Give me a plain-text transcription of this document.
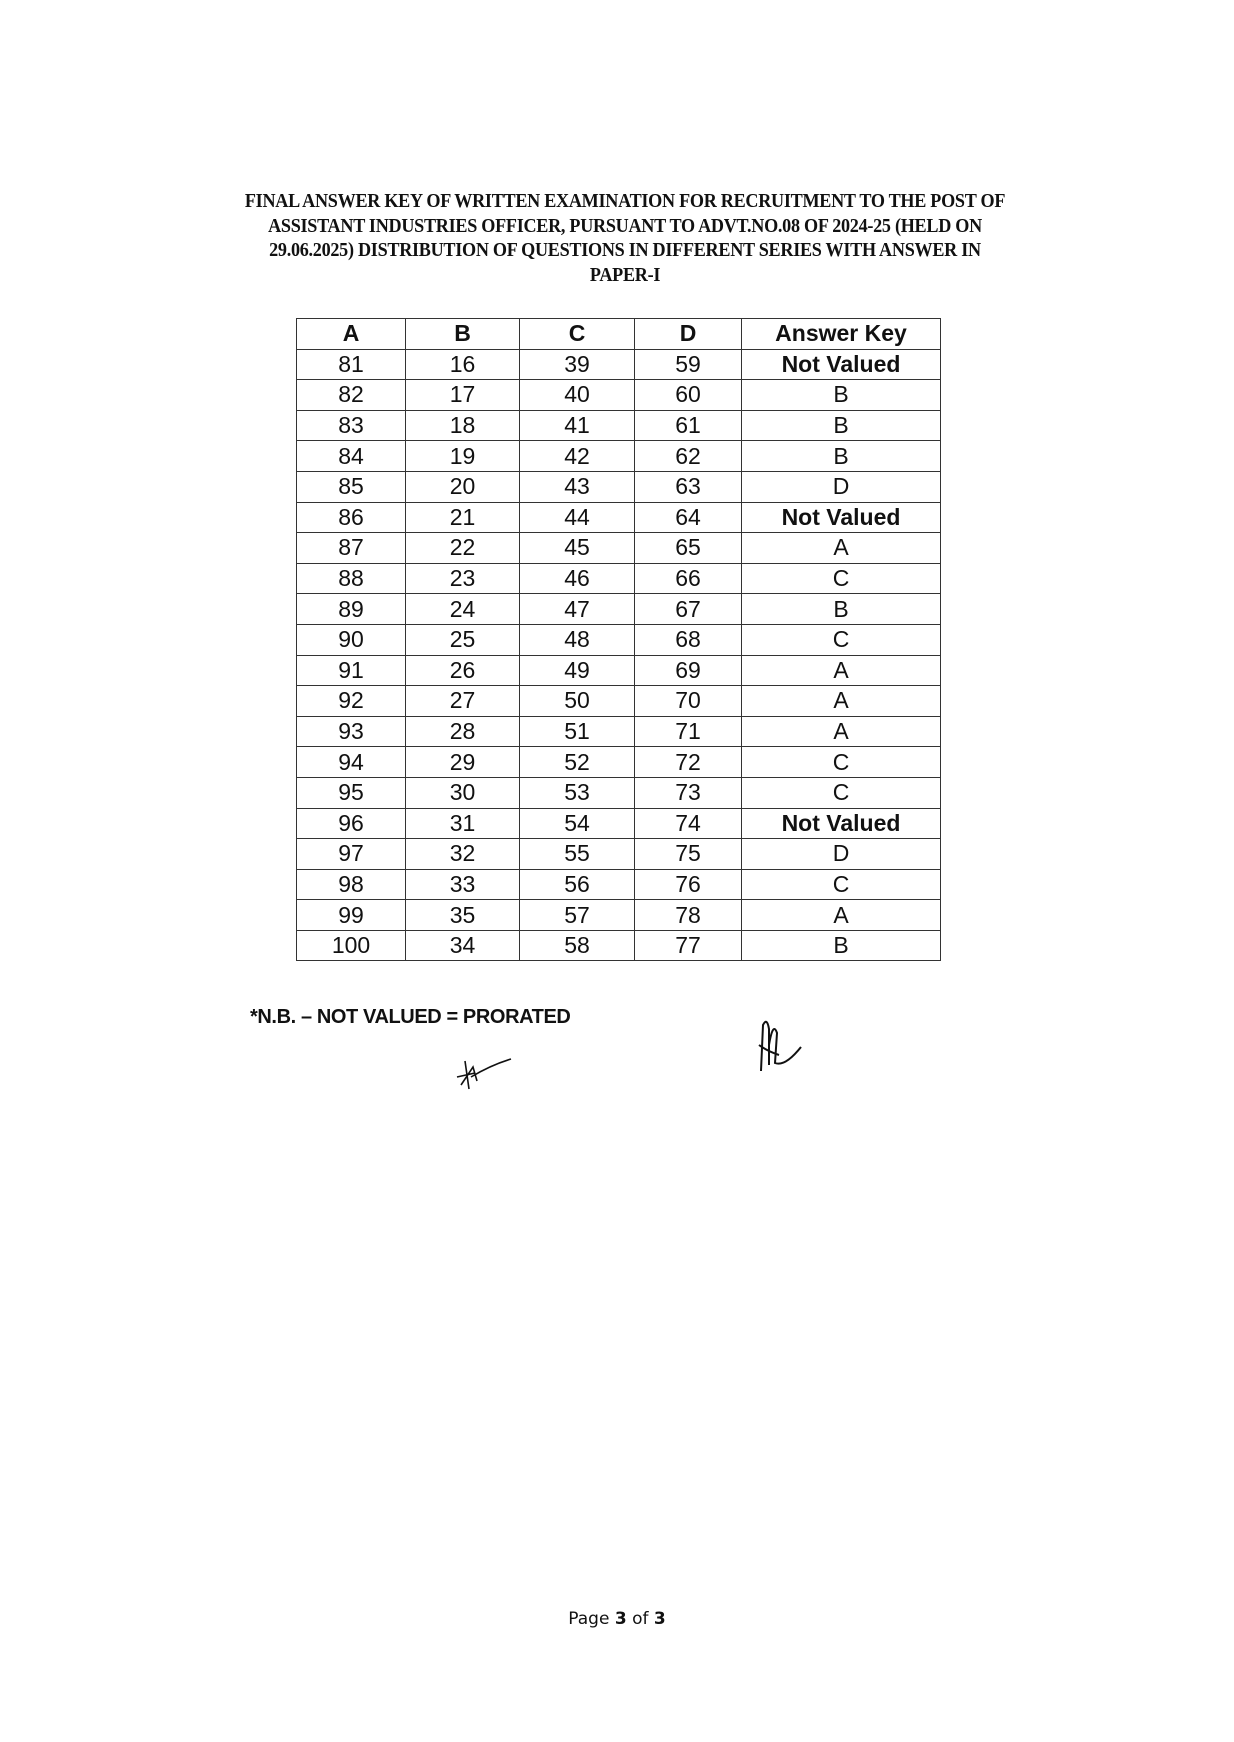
FINAL ANSWER KEY OF WRITTEN EXAMINATION FOR RECRUITMENT TO THE POST OF
ASSISTANT INDUSTRIES OFFICER, PURSUANT TO ADVT.NO.08 OF 2024-25 (HELD ON
29.06.2025) DISTRIBUTION OF QUESTIONS IN DIFFERENT SERIES WITH ANSWER IN
PAPER-I
A	B	C	D	Answer Key
81	16	39	59	Not Valued
82	17	40	60	B
83	18	41	61	B
84	19	42	62	B
85	20	43	63	D
86	21	44	64	Not Valued
87	22	45	65	A
88	23	46	66	C
89	24	47	67	B
90	25	48	68	C
91	26	49	69	A
92	27	50	70	A
93	28	51	71	A
94	29	52	72	C
95	30	53	73	C
96	31	54	74	Not Valued
97	32	55	75	D
98	33	56	76	C
99	35	57	78	A
100	34	58	77	B
*N.B. – NOT VALUED = PRORATED
Page 3 of 3
